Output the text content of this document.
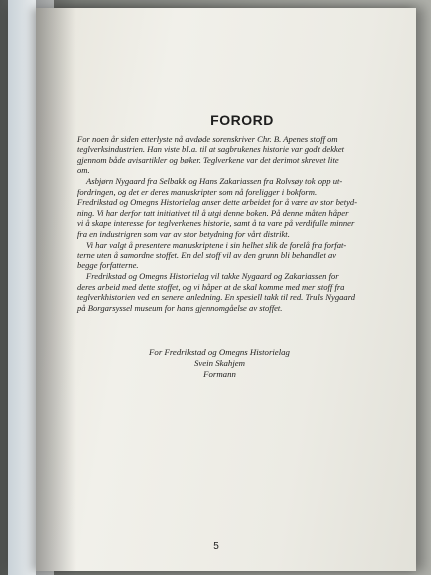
FORORD
For noen år siden etterlyste nå avdøde sorenskriver Chr. B. Apenes stoff om
teglverksindustrien. Han viste bl.a. til at sagbrukenes historie var godt dekket
gjennom både avisartikler og bøker. Teglverkene var det derimot skrevet lite
om.
Asbjørn Nygaard fra Selbakk og Hans Zakariassen fra Rolvsøy tok opp ut-
fordringen, og det er deres manuskripter som nå foreligger i bokform.
Fredrikstad og Omegns Historielag anser dette arbeidet for å være av stor betyd-
ning. Vi har derfor tatt initiativet til å utgi denne boken. På denne måten håper
vi å skape interesse for teglverkenes historie, samt å ta vare på verdifulle minner
fra en industrigren som var av stor betydning for vårt distrikt.
Vi har valgt å presentere manuskriptene i sin helhet slik de forelå fra forfat-
terne uten å samordne stoffet. En del stoff vil av den grunn bli behandlet av
begge forfatterne.
Fredrikstad og Omegns Historielag vil takke Nygaard og Zakariassen for
deres arbeid med dette stoffet, og vi håper at de skal komme med mer stoff fra
teglverkhistorien ved en senere anledning. En spesiell takk til red. Truls Nygaard
på Borgarsyssel museum for hans gjennomgåelse av stoffet.
For Fredrikstad og Omegns Historielag
Svein Skahjem
Formann
5
